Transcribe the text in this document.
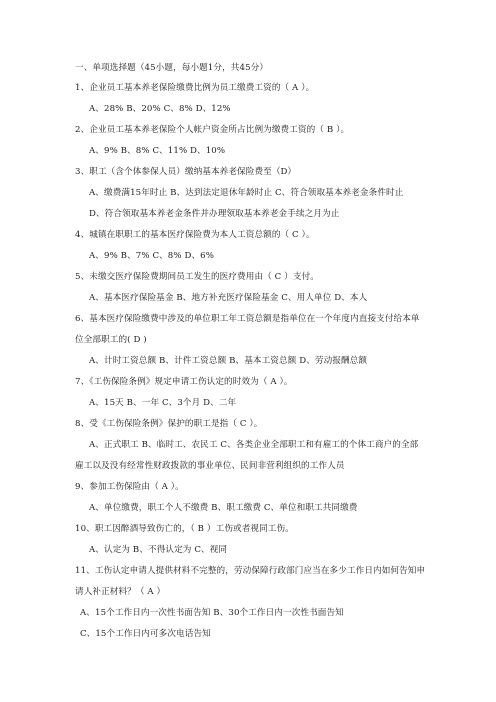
一、单项选择题（45小题，每小题1分，共45分）
1、企业员工基本养老保险缴费比例为员工缴费工资的（ A ）。
A、28% B、20% C、8% D、12%
2、企业员工基本养老保险个人帐户资金所占比例为缴费工资的（ B ）。
A、9% B、8% C、11% D、10%
3、职工（含个体参保人员）缴纳基本养老保险费至（D）
A、缴费满15年时止 B、达到法定退休年龄时止 C、符合领取基本养老金条件时止
D、符合领取基本养老金条件并办理领取基本养老金手续之月为止
4、城镇在职职工的基本医疗保险费为本人工资总额的（ C ）。
A、9% B、7% C、8% D、6%
5、未缴交医疗保险费期间员工发生的医疗费用由（ C ）支付。
A、基本医疗保险基金 B、地方补充医疗保险基金 C、用人单位 D、本人
6、基本医疗保险缴费中涉及的单位职工年工资总额是指单位在一个年度内直接支付给本单
位全部职工的( D )
A、计时工资总额 B、计件工资总额 B、基本工资总额 D、劳动报酬总额
7、《工伤保险条例》规定申请工伤认定的时效为（ A ）。
A、15天 B、一年 C、3个月 D、二年
8、受《工伤保险条例》保护的职工是指（ C ）。
A、正式职工 B、临时工、农民工 C、各类企业全部职工和有雇工的个体工商户的全部
雇工以及没有经常性财政拨款的事业单位、民间非营利组织的工作人员
9、参加工伤保险由（ A ）。
A、单位缴费，职工个人不缴费 B、职工缴费 C、单位和职工共同缴费
10、职工因醉酒导致伤亡的，（ B ）工伤或者视同工伤。
A、认定为 B、不得认定为 C、视同
11、工伤认定申请人提供材料不完整的，劳动保障行政部门应当在多少工作日内如何告知申
请人补正材料？（ A ）
A、15个工作日内一次性书面告知 B、30个工作日内一次性书面告知
C、15个工作日内可多次电话告知
